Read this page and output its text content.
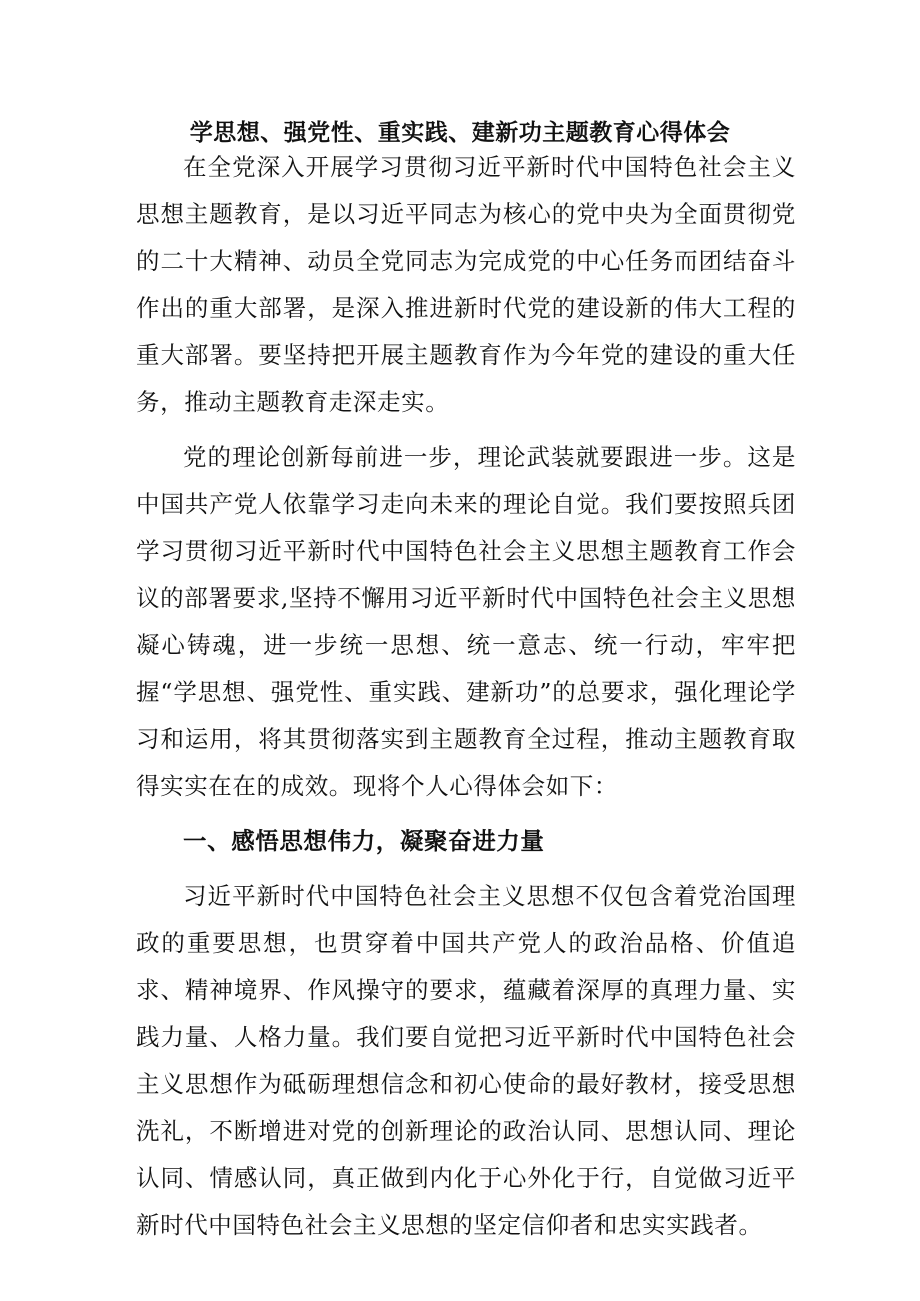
学思想、强党性、重实践、建新功主题教育心得体会

在全党深入开展学习贯彻习近平新时代中国特色社会主义思想主题教育，是以习近平同志为核心的党中央为全面贯彻党的二十大精神、动员全党同志为完成党的中心任务而团结奋斗作出的重大部署，是深入推进新时代党的建设新的伟大工程的重大部署。要坚持把开展主题教育作为今年党的建设的重大任务，推动主题教育走深走实。

党的理论创新每前进一步，理论武装就要跟进一步。这是中国共产党人依靠学习走向未来的理论自觉。我们要按照兵团学习贯彻习近平新时代中国特色社会主义思想主题教育工作会议的部署要求,坚持不懈用习近平新时代中国特色社会主义思想凝心铸魂，进一步统一思想、统一意志、统一行动，牢牢把握“学思想、强党性、重实践、建新功”的总要求，强化理论学习和运用，将其贯彻落实到主题教育全过程，推动主题教育取得实实在在的成效。现将个人心得体会如下：

一、感悟思想伟力，凝聚奋进力量

习近平新时代中国特色社会主义思想不仅包含着党治国理政的重要思想，也贯穿着中国共产党人的政治品格、价值追求、精神境界、作风操守的要求，蕴藏着深厚的真理力量、实践力量、人格力量。我们要自觉把习近平新时代中国特色社会主义思想作为砥砺理想信念和初心使命的最好教材，接受思想洗礼，不断增进对党的创新理论的政治认同、思想认同、理论认同、情感认同，真正做到内化于心外化于行，自觉做习近平新时代中国特色社会主义思想的坚定信仰者和忠实实践者。
